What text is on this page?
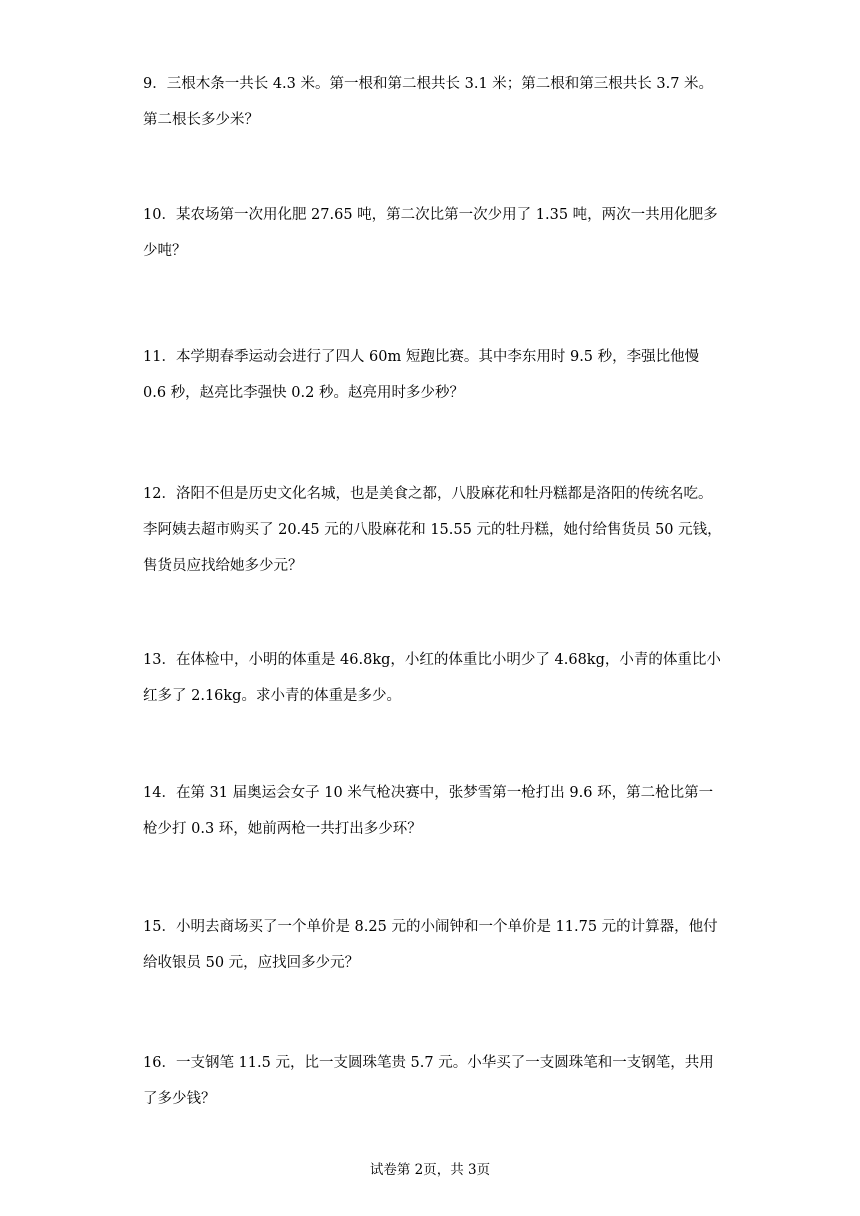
9．三根木条一共长 4.3 米。第一根和第二根共长 3.1 米；第二根和第三根共长 3.7 米。
第二根长多少米？
10．某农场第一次用化肥 27.65 吨，第二次比第一次少用了 1.35 吨，两次一共用化肥多
少吨？
11．本学期春季运动会进行了四人 60m 短跑比赛。其中李东用时 9.5 秒，李强比他慢
0.6 秒，赵亮比李强快 0.2 秒。赵亮用时多少秒？
12．洛阳不但是历史文化名城，也是美食之都，八股麻花和牡丹糕都是洛阳的传统名吃。
李阿姨去超市购买了 20.45 元的八股麻花和 15.55 元的牡丹糕，她付给售货员 50 元钱，
售货员应找给她多少元？
13．在体检中，小明的体重是 46.8kg，小红的体重比小明少了 4.68kg，小青的体重比小
红多了 2.16kg。求小青的体重是多少。
14．在第 31 届奥运会女子 10 米气枪决赛中，张梦雪第一枪打出 9.6 环，第二枪比第一
枪少打 0.3 环，她前两枪一共打出多少环？
15．小明去商场买了一个单价是 8.25 元的小闹钟和一个单价是 11.75 元的计算器，他付
给收银员 50 元，应找回多少元？
16．一支钢笔 11.5 元，比一支圆珠笔贵 5.7 元。小华买了一支圆珠笔和一支钢笔，共用
了多少钱？
试卷第 2页，共 3页
